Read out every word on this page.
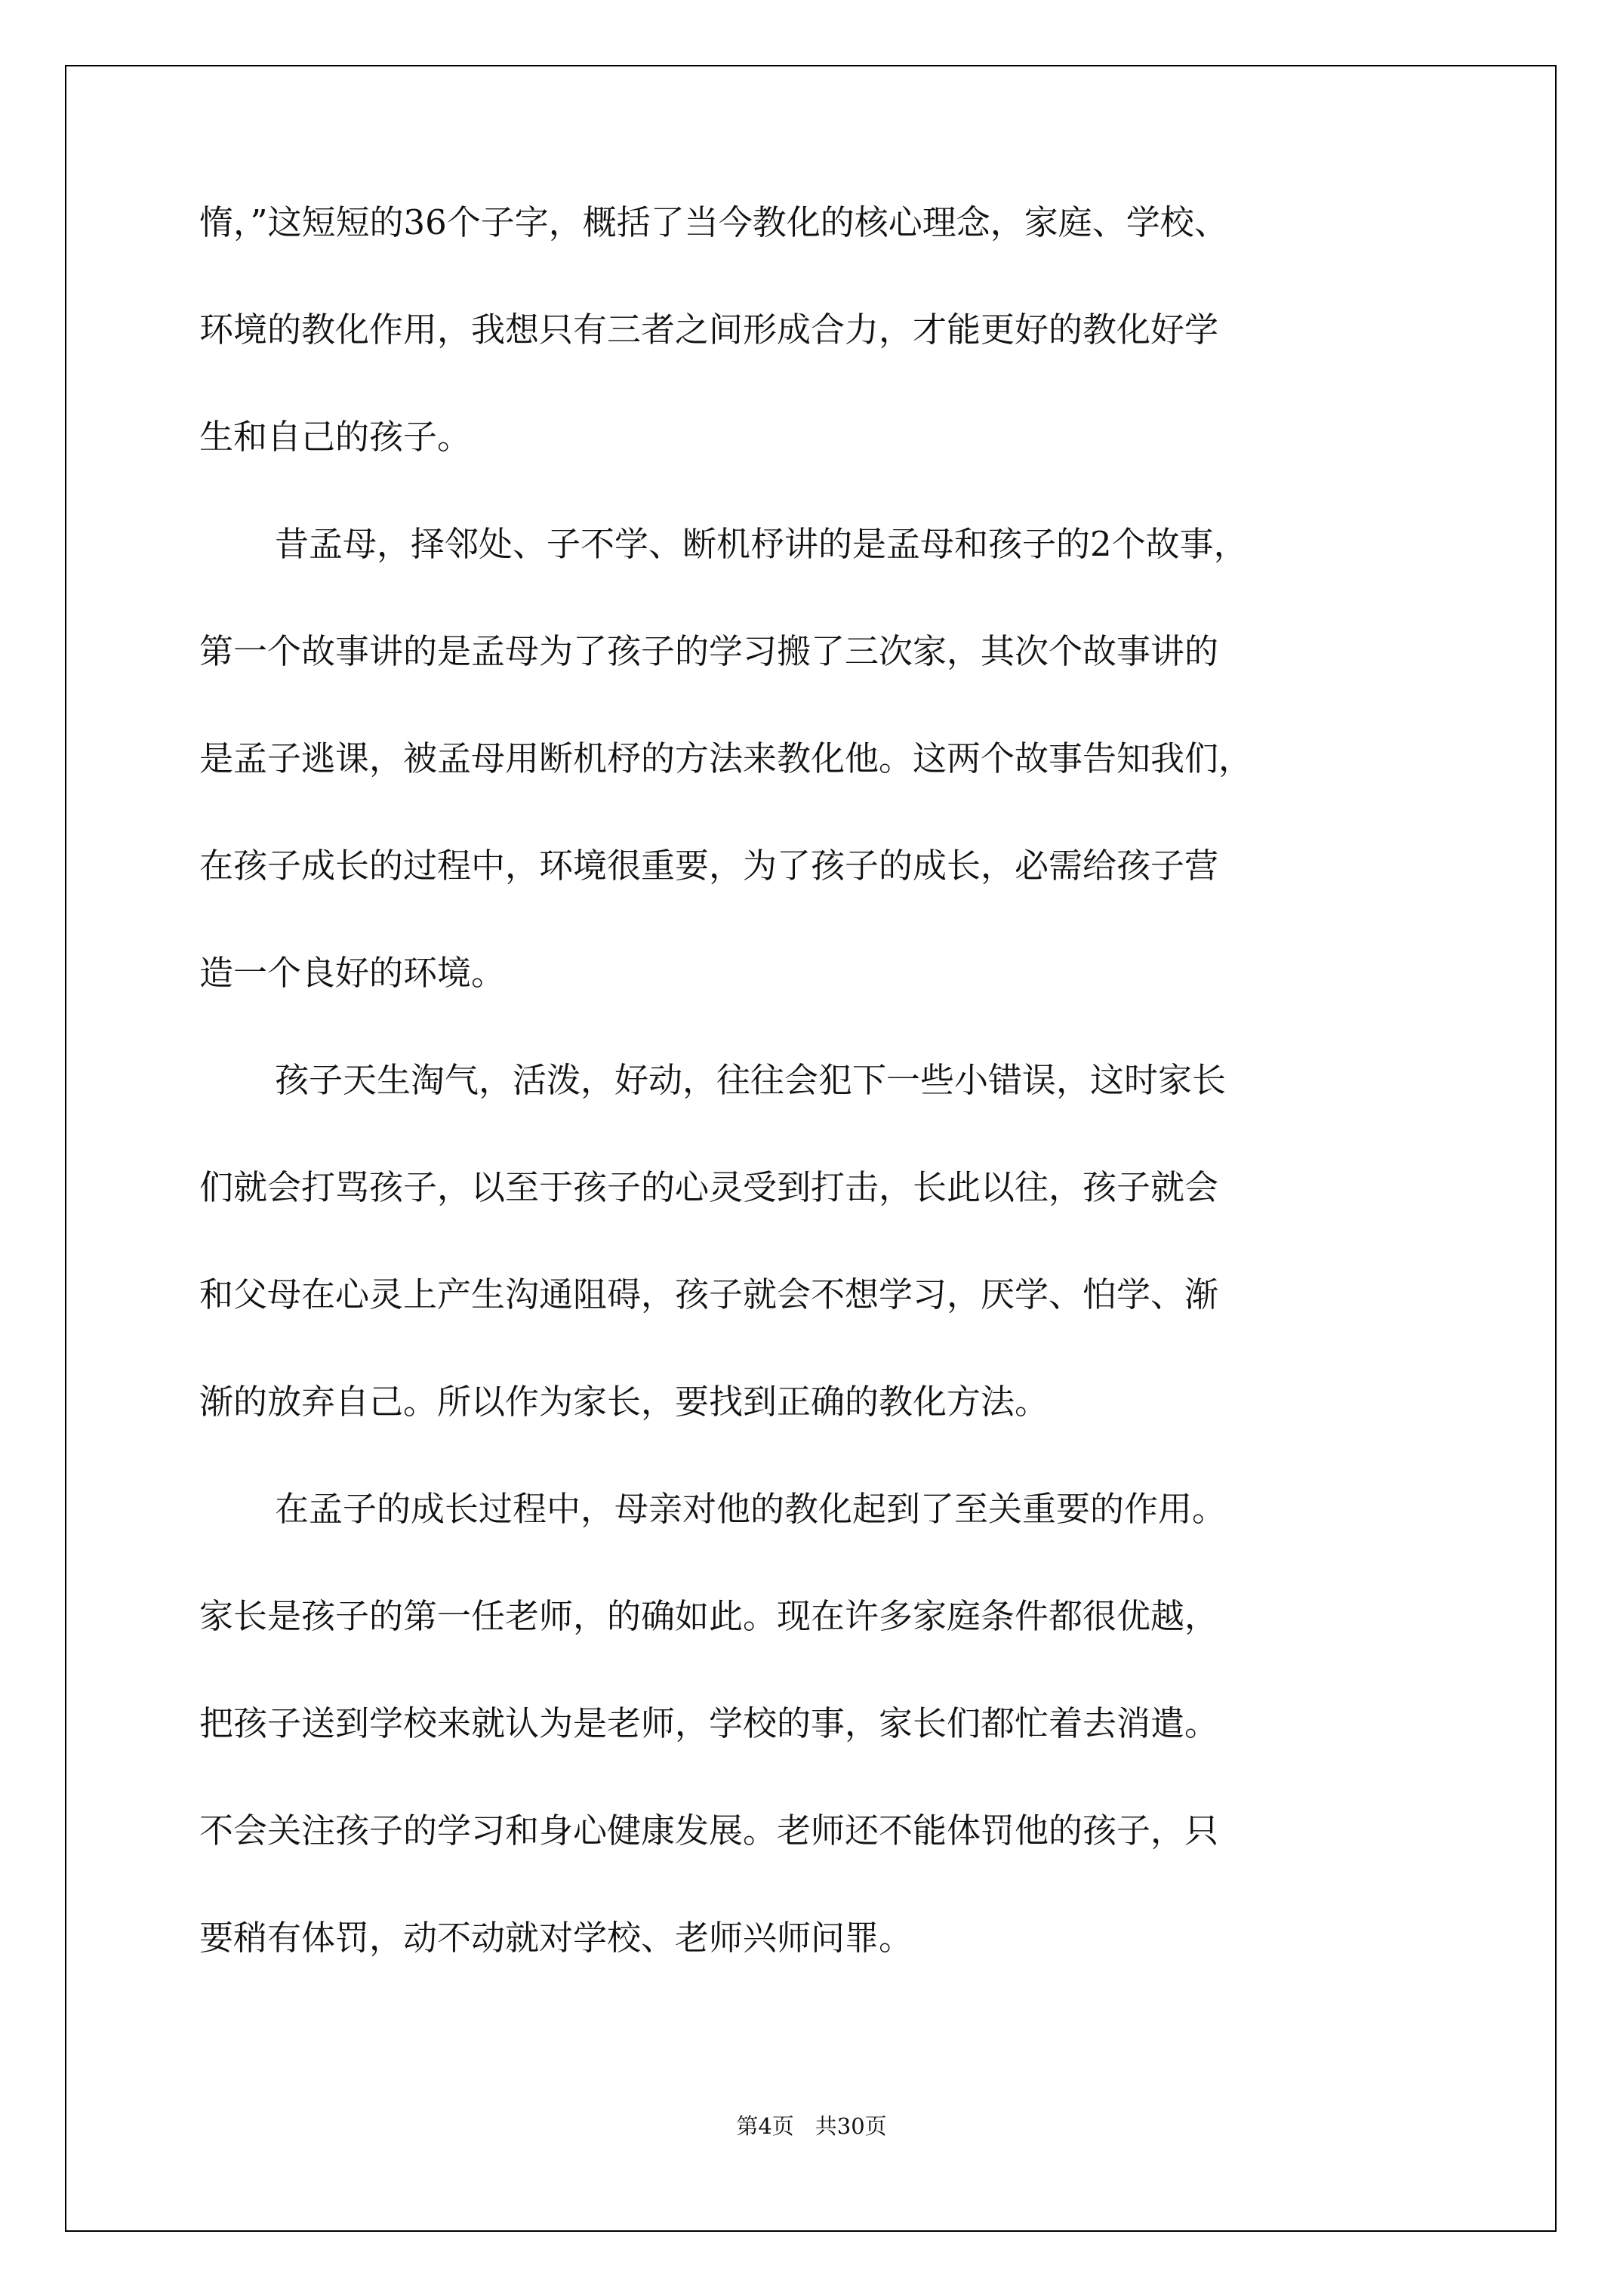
惰，”这短短的36个子字，概括了当今教化的核心理念，家庭、学校、
环境的教化作用，我想只有三者之间形成合力，才能更好的教化好学
生和自己的孩子。
昔孟母，择邻处、子不学、断机杼讲的是孟母和孩子的2个故事，
第一个故事讲的是孟母为了孩子的学习搬了三次家，其次个故事讲的
是孟子逃课，被孟母用断机杼的方法来教化他。这两个故事告知我们，
在孩子成长的过程中，环境很重要，为了孩子的成长，必需给孩子营
造一个良好的环境。
孩子天生淘气，活泼，好动，往往会犯下一些小错误，这时家长
们就会打骂孩子，以至于孩子的心灵受到打击，长此以往，孩子就会
和父母在心灵上产生沟通阻碍，孩子就会不想学习，厌学、怕学、渐
渐的放弃自己。所以作为家长，要找到正确的教化方法。
在孟子的成长过程中，母亲对他的教化起到了至关重要的作用。
家长是孩子的第一任老师，的确如此。现在许多家庭条件都很优越，
把孩子送到学校来就认为是老师，学校的事，家长们都忙着去消遣。
不会关注孩子的学习和身心健康发展。老师还不能体罚他的孩子，只
要稍有体罚，动不动就对学校、老师兴师问罪。
第4页 共30页
